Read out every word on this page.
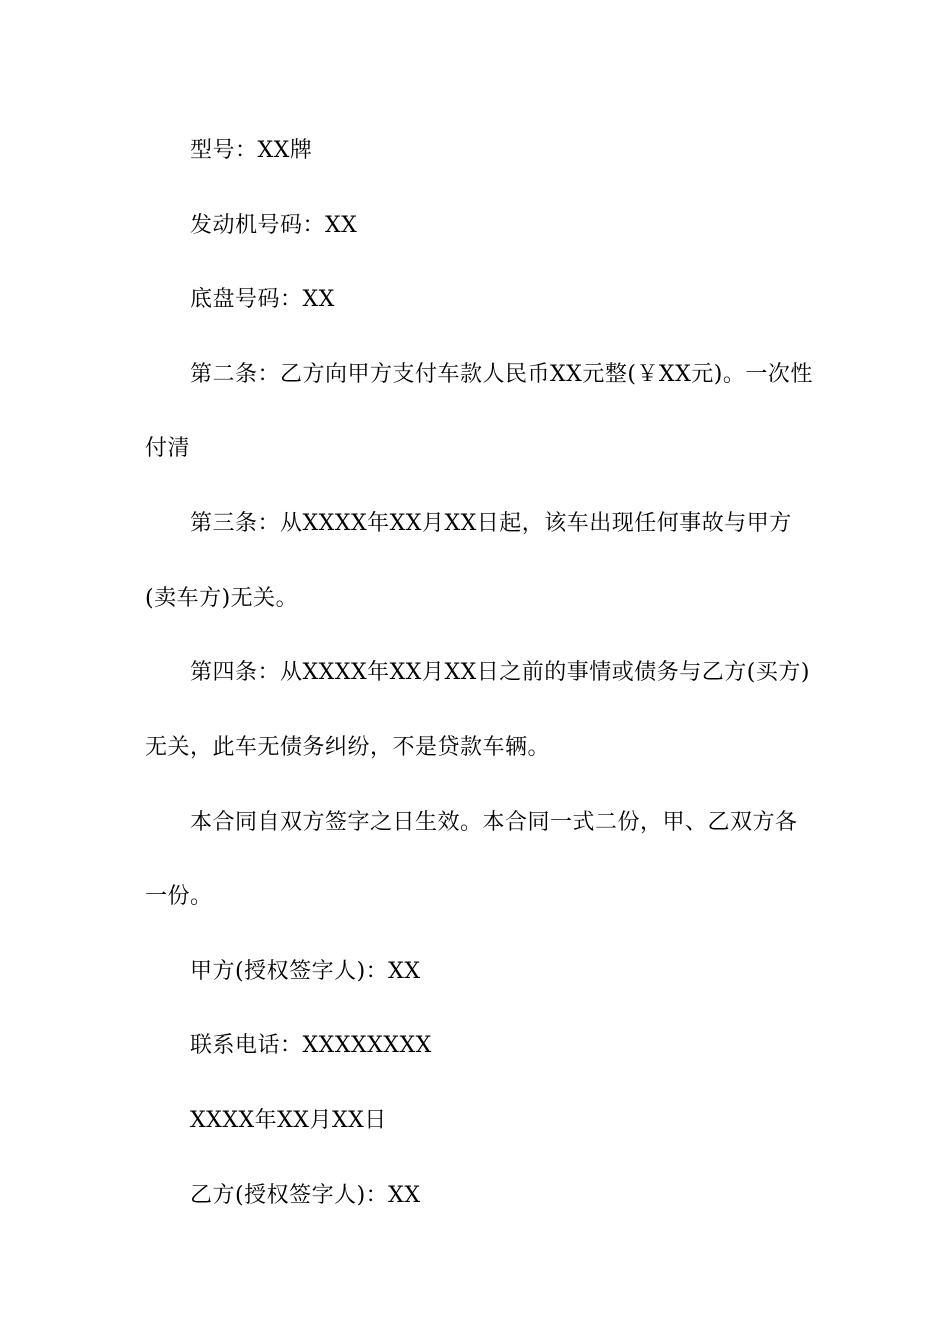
型号：XX牌
发动机号码：XX
底盘号码：XX
第二条：乙方向甲方支付车款人民币XX元整(￥XX元)。一次性
付清
第三条：从XXXX年XX月XX日起，该车出现任何事故与甲方
(卖车方)无关。
第四条：从XXXX年XX月XX日之前的事情或债务与乙方(买方)
无关，此车无债务纠纷，不是贷款车辆。
本合同自双方签字之日生效。本合同一式二份，甲、乙双方各
一份。
甲方(授权签字人)：XX
联系电话：XXXXXXXX
XXXX年XX月XX日
乙方(授权签字人)：XX
